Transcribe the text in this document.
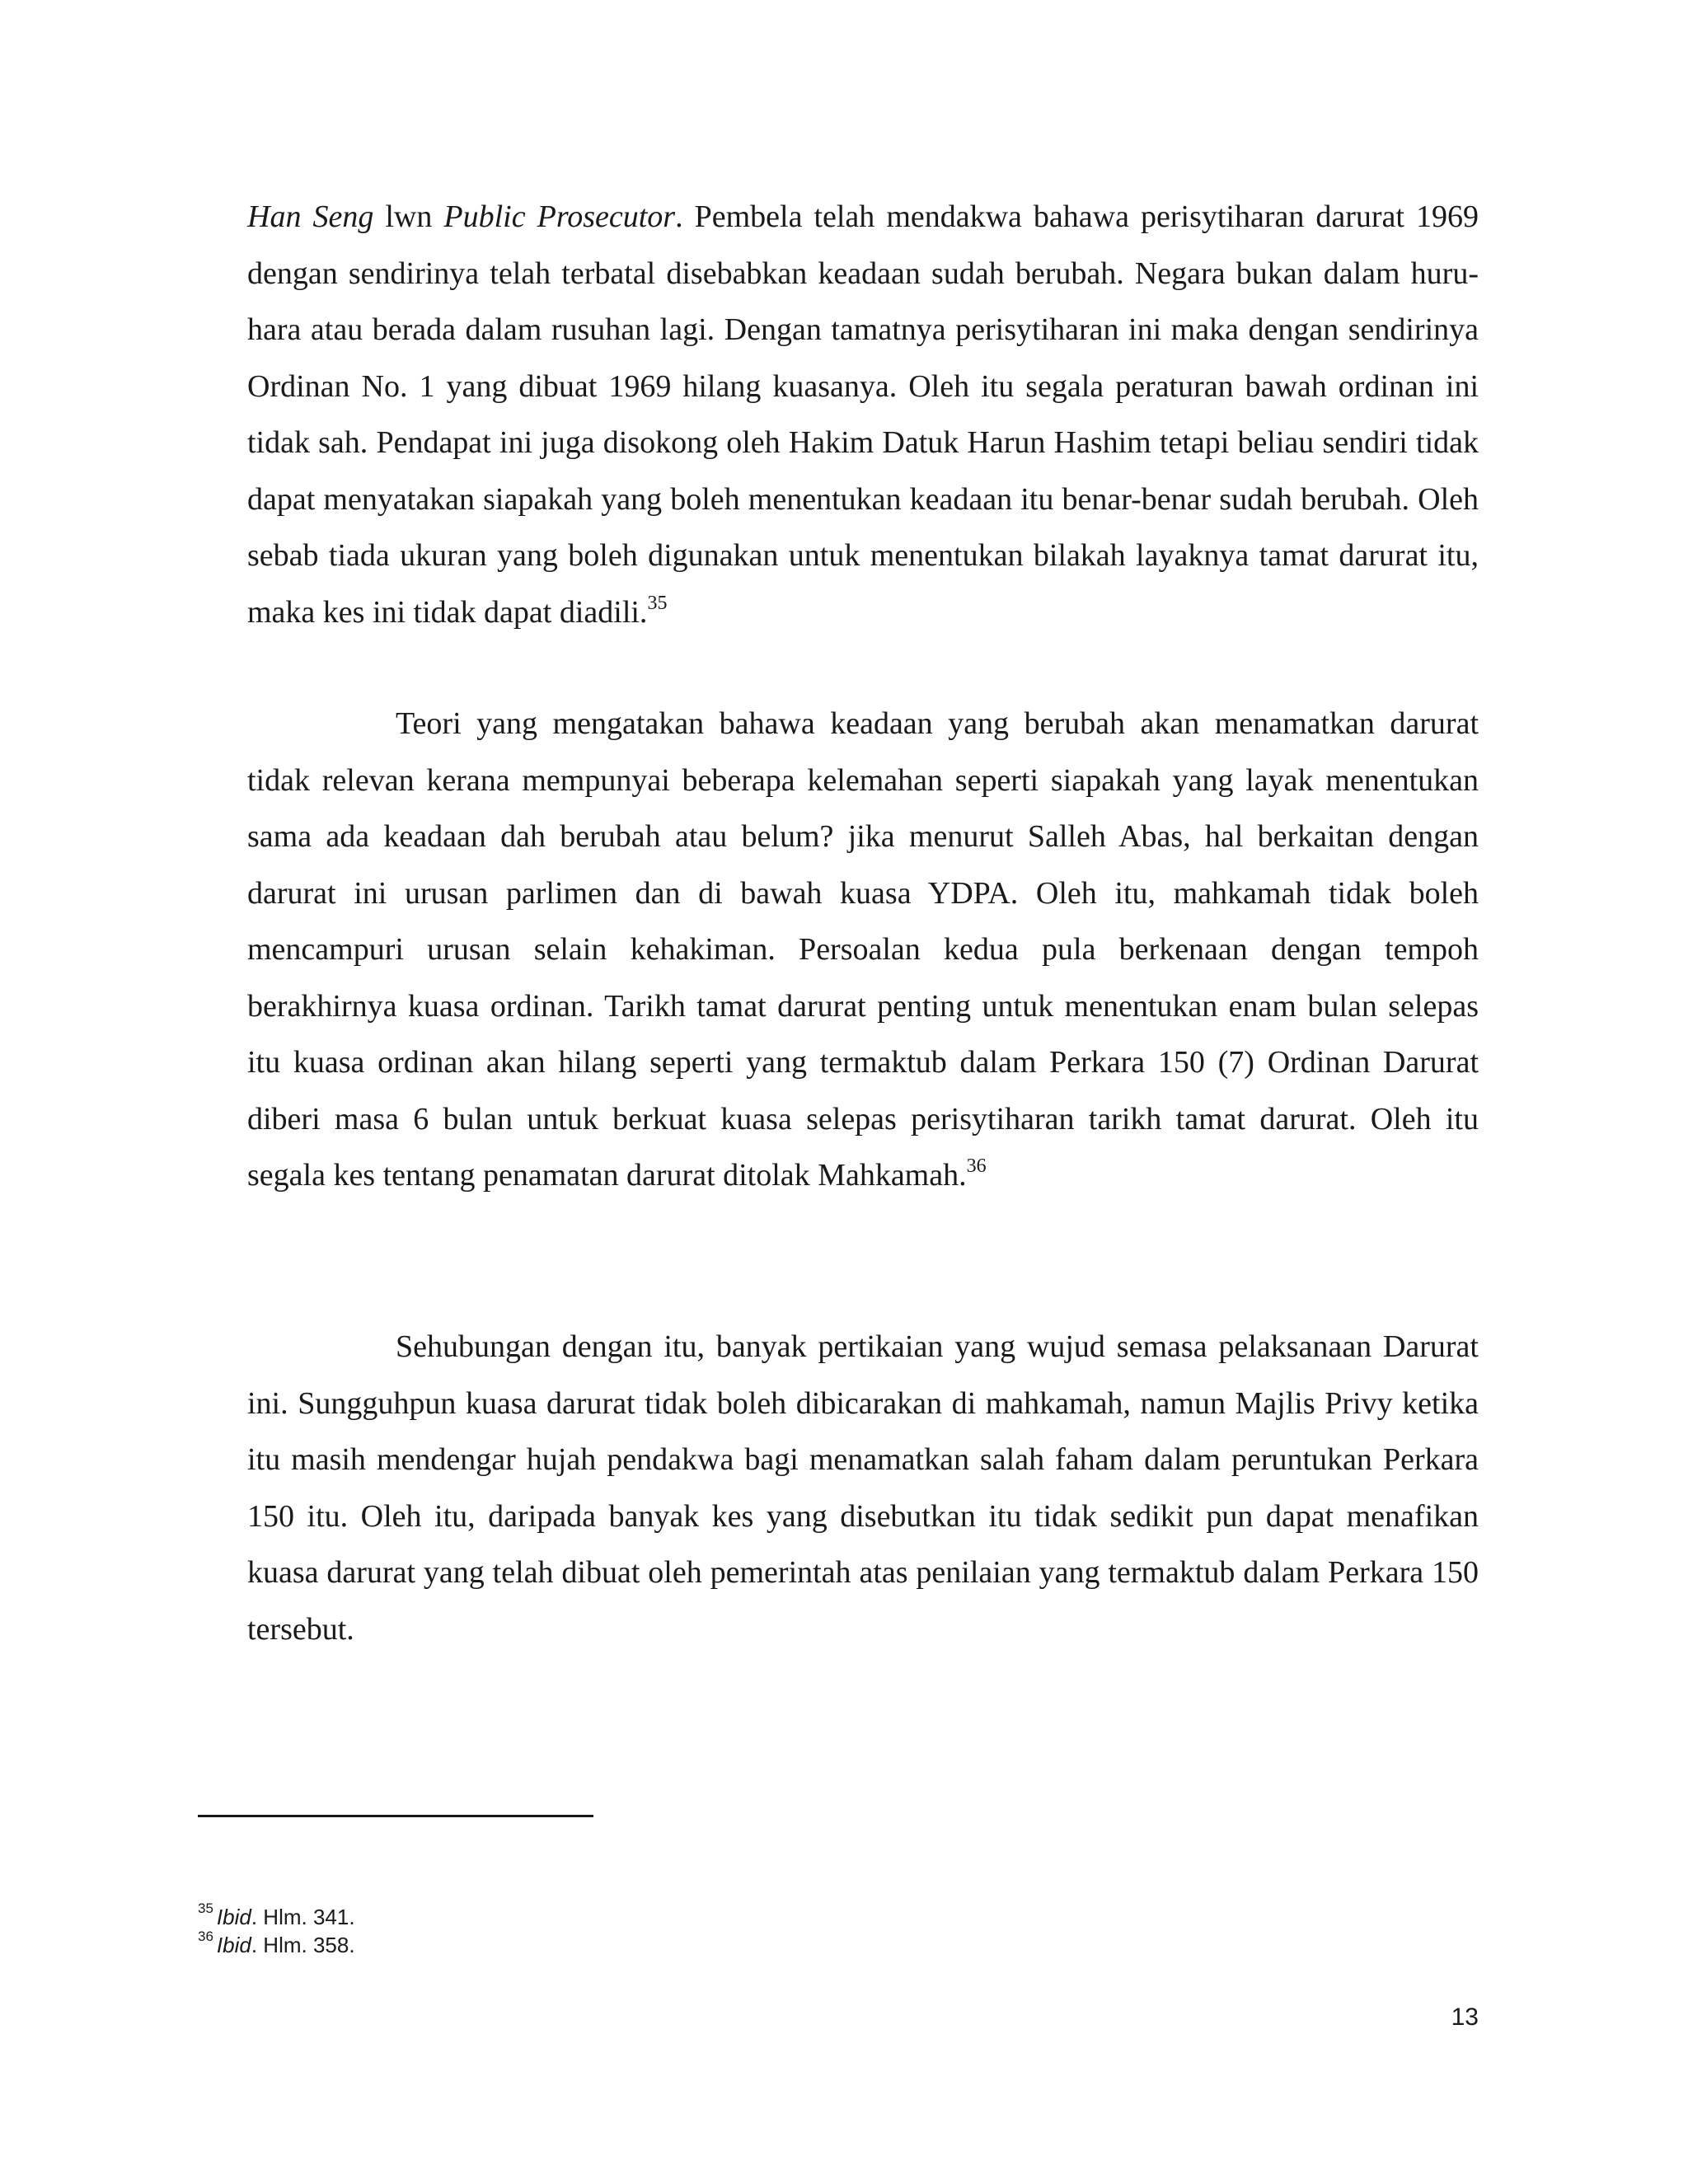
Han Seng lwn Public Prosecutor. Pembela telah mendakwa bahawa perisytiharan darurat 1969 dengan sendirinya telah terbatal disebabkan keadaan sudah berubah. Negara bukan dalam huru-hara atau berada dalam rusuhan lagi. Dengan tamatnya perisytiharan ini maka dengan sendirinya Ordinan No. 1 yang dibuat 1969 hilang kuasanya. Oleh itu segala peraturan bawah ordinan ini tidak sah. Pendapat ini juga disokong oleh Hakim Datuk Harun Hashim tetapi beliau sendiri tidak dapat menyatakan siapakah yang boleh menentukan keadaan itu benar-benar sudah berubah. Oleh sebab tiada ukuran yang boleh digunakan untuk menentukan bilakah layaknya tamat darurat itu, maka kes ini tidak dapat diadili.$^{35}$

Teori yang mengatakan bahawa keadaan yang berubah akan menamatkan darurat tidak relevan kerana mempunyai beberapa kelemahan seperti siapakah yang layak menentukan sama ada keadaan dah berubah atau belum? jika menurut Salleh Abas, hal berkaitan dengan darurat ini urusan parlimen dan di bawah kuasa YDPA. Oleh itu, mahkamah tidak boleh mencampuri urusan selain kehakiman. Persoalan kedua pula berkenaan dengan tempoh berakhirnya kuasa ordinan. Tarikh tamat darurat penting untuk menentukan enam bulan selepas itu kuasa ordinan akan hilang seperti yang termaktub dalam Perkara 150 (7) Ordinan Darurat diberi masa 6 bulan untuk berkuat kuasa selepas perisytiharan tarikh tamat darurat. Oleh itu segala kes tentang penamatan darurat ditolak Mahkamah.$^{36}$

Sehubungan dengan itu, banyak pertikaian yang wujud semasa pelaksanaan Darurat ini. Sungguhpun kuasa darurat tidak boleh dibicarakan di mahkamah, namun Majlis Privy ketika itu masih mendengar hujah pendakwa bagi menamatkan salah faham dalam peruntukan Perkara 150 itu. Oleh itu, daripada banyak kes yang disebutkan itu tidak sedikit pun dapat menafikan kuasa darurat yang telah dibuat oleh pemerintah atas penilaian yang termaktub dalam Perkara 150 tersebut.

$^{35}$ Ibid. Hlm. 341.
$^{36}$ Ibid. Hlm. 358.
13
